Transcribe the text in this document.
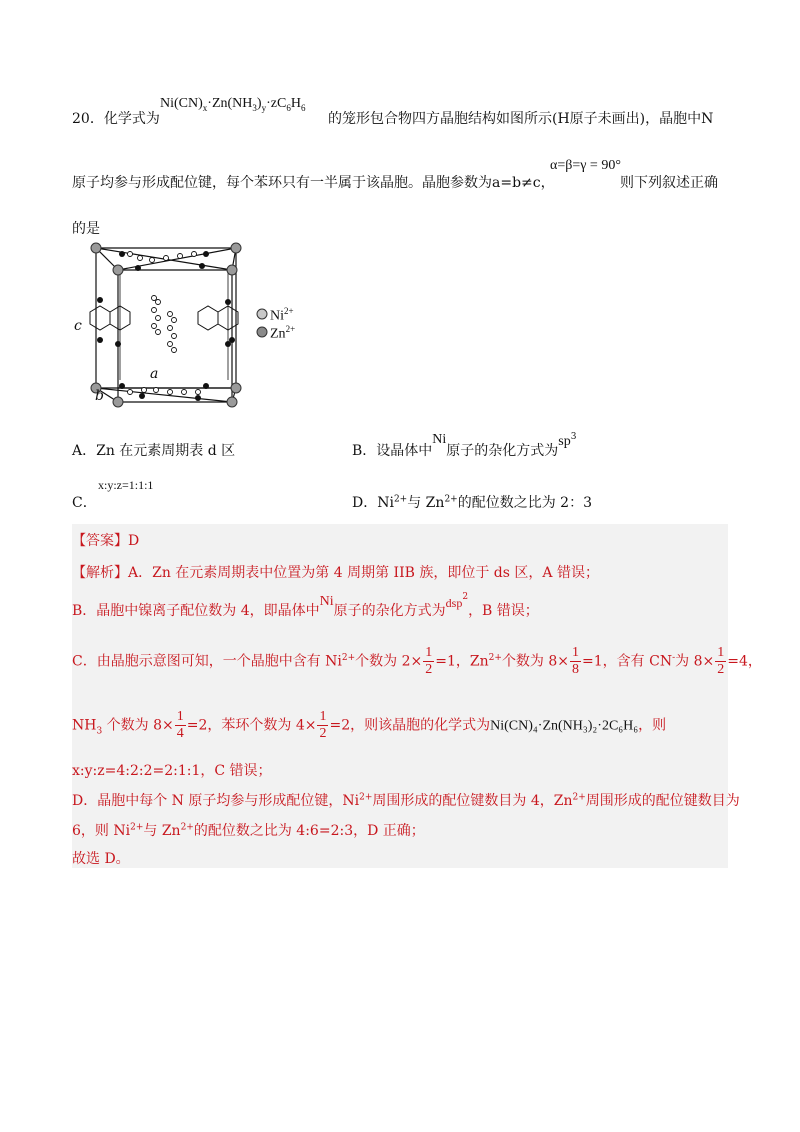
20．化学式为
$Ni(CN)_x\cdot Zn(NH_3)_y\cdot zC_6H_6$
的笼形包合物四方晶胞结构如图所示(H原子未画出)，晶胞中N
原子均参与形成配位键，每个苯环只有一半属于该晶胞。晶胞参数为a=b≠c，
α=β=γ = 90°
则下列叙述正确
的是
c
a
b
$Ni^{2+}$
$Zn^{2+}$
A．Zn 在元素周期表 d 区	B．设晶体中Ni原子的杂化方式为$sp^3$
C．
x:y:z=1:1:1
D．$Ni^{2+}$与 $Zn^{2+}$的配位数之比为 2：3
【答案】D
【解析】A．Zn 在元素周期表中位置为第 4 周期第 IIB 族，即位于 ds 区，A 错误；
B．晶胞中镍离子配位数为 4，即晶体中Ni原子的杂化方式为dsp$^2$，B 错误；
C．由晶胞示意图可知，一个晶胞中含有 $Ni^{2+}$个数为 $2\times \frac{1}{2} =1$，$Zn^{2+}$个数为 $8\times \frac{1}{8} =1$，含有 CN-为 $8\times \frac{1}{2} =4$，
$NH_3$ 个数为 $8\times \frac{1}{4} =2$，苯环个数为 $4\times \frac{1}{2} =2$，则该晶胞的化学式为Ni(CN)₄·Zn(NH₃)₂·2C₆H₆，则
x:y:z=4:2:2=2:1:1，C 错误；
D．晶胞中每个 N 原子均参与形成配位键，$Ni^{2+}$周围形成的配位键数目为 4，$Zn^{2+}$周围形成的配位键数目为
6，则 $Ni^{2+}$与 $Zn^{2+}$的配位数之比为 4:6=2:3，D 正确；
故选 D。
